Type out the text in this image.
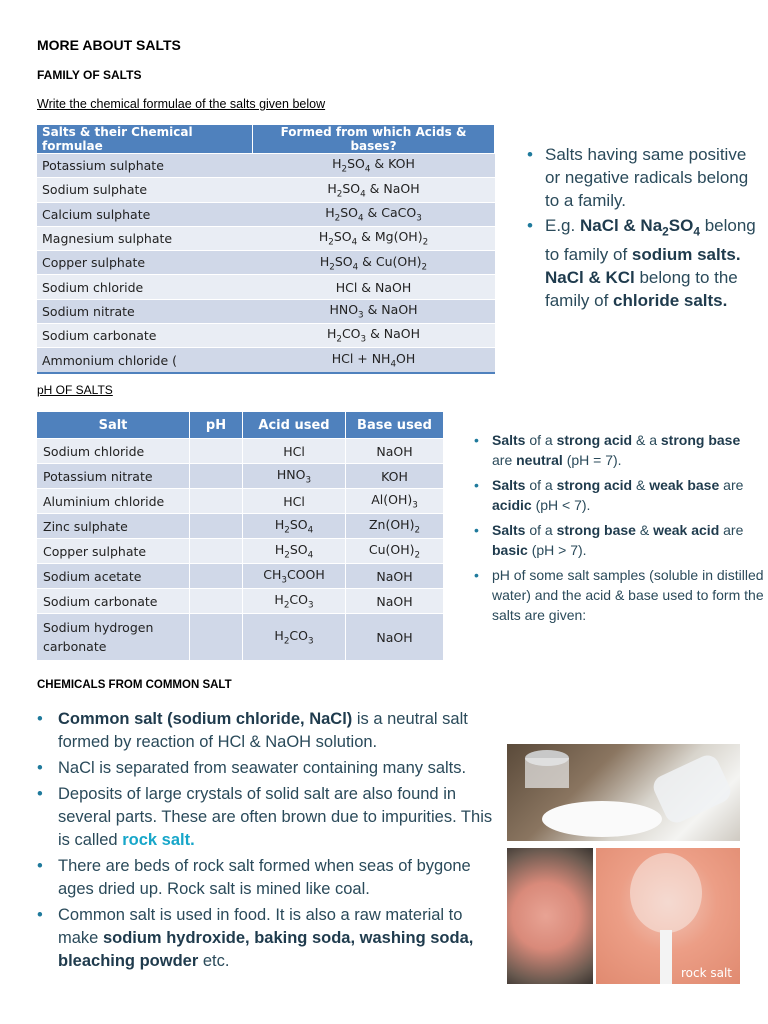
MORE ABOUT SALTS
FAMILY OF SALTS
Write the chemical formulae of the salts given below
Salts & their Chemical formulae	Formed from which Acids & bases?
Potassium sulphate	$H_2SO_4$ & KOH
Sodium sulphate	$H_2SO_4$ & NaOH
Calcium sulphate	$H_2SO_4$ & CaCO$_3$
Magnesium sulphate	$H_2SO_4$ & $Mg(OH)_2$
Copper sulphate	$H_2SO_4$ & $Cu(OH)_2$
Sodium chloride	HCl & NaOH
Sodium nitrate	$HNO_3$ & NaOH
Sodium carbonate	$H_2CO_3$ & NaOH
Ammonium chloride (	HCl + $NH_4OH$
• Salts having same positive or negative radicals belong to a family.
• E.g. NaCl & $Na_2SO_4$ belong to family of sodium salts. NaCl & KCl belong to the family of chloride salts.
pH OF SALTS
Salt	pH	Acid used	Base used
Sodium chloride		HCl	NaOH
Potassium nitrate		$HNO_3$	KOH
Aluminium chloride		HCl	$Al(OH)_3$
Zinc sulphate		$H_2SO_4$	$Zn(OH)_2$
Copper sulphate		$H_2SO_4$	$Cu(OH)_2$
Sodium acetate		$CH_3COOH$	NaOH
Sodium carbonate		$H_2CO_3$	NaOH
Sodium hydrogen carbonate		$H_2CO_3$	NaOH
• Salts of a strong acid & a strong base are neutral (pH = 7).
• Salts of a strong acid & weak base are acidic (pH < 7).
• Salts of a strong base & weak acid are basic (pH > 7).
• pH of some salt samples (soluble in distilled water) and the acid & base used to form the salts are given:
CHEMICALS FROM COMMON SALT
• Common salt (sodium chloride, NaCl) is a neutral salt formed by reaction of HCl & NaOH solution.
• NaCl is separated from seawater containing many salts.
• Deposits of large crystals of solid salt are also found in several parts. These are often brown due to impurities. This is called rock salt.
• There are beds of rock salt formed when seas of bygone ages dried up. Rock salt is mined like coal.
• Common salt is used in food. It is also a raw material to make sodium hydroxide, baking soda, washing soda, bleaching powder etc.
rock salt
